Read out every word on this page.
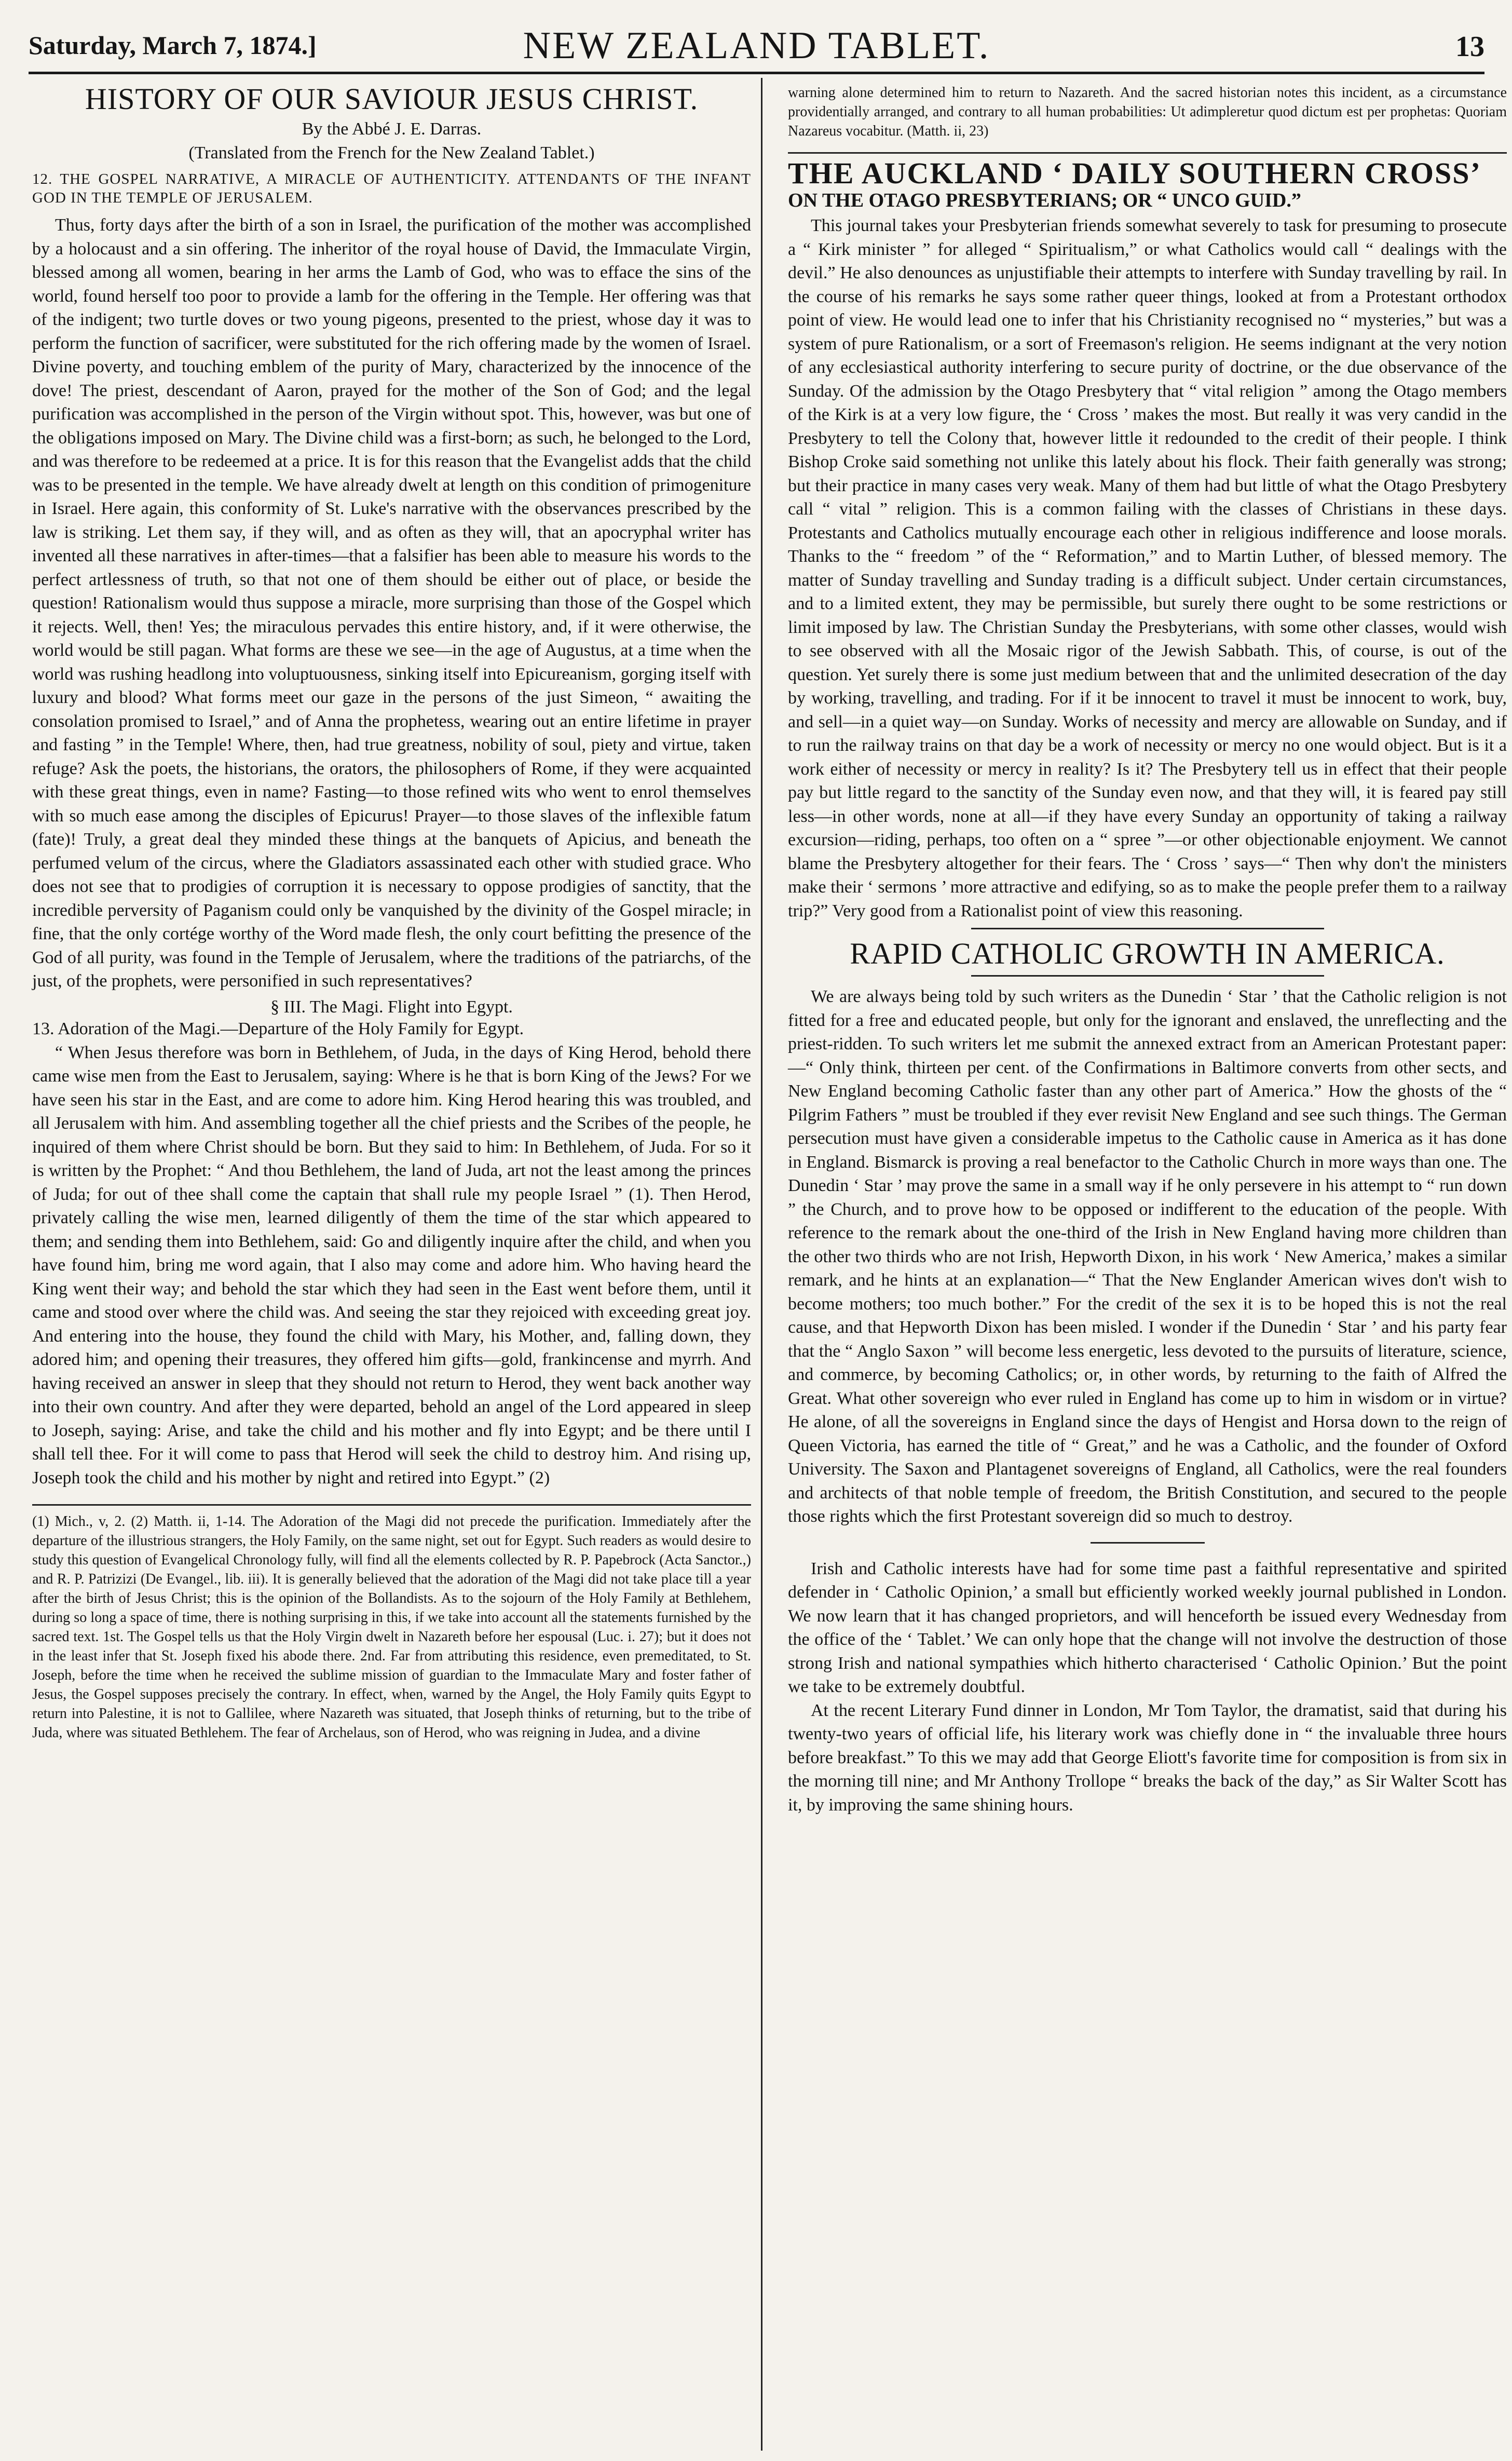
Saturday, March 7, 1874.]	NEW ZEALAND TABLET.	13
HISTORY OF OUR SAVIOUR JESUS CHRIST.
By the Abbé J. E. Darras.
(Translated from the French for the New Zealand Tablet.)
12. THE GOSPEL NARRATIVE, A MIRACLE OF AUTHENTICITY. ATTENDANTS OF THE INFANT GOD IN THE TEMPLE OF JERUSALEM.

Thus, forty days after the birth of a son in Israel, the purification of the mother was accomplished by a holocaust and a sin offering. The inheritor of the royal house of David, the Immaculate Virgin, blessed among all women, bearing in her arms the Lamb of God, who was to efface the sins of the world, found herself too poor to provide a lamb for the offering in the Temple. Her offering was that of the indigent; two turtle doves or two young pigeons, presented to the priest, whose day it was to perform the function of sacrificer, were substituted for the rich offering made by the women of Israel. Divine poverty, and touching emblem of the purity of Mary, characterized by the innocence of the dove! The priest, descendant of Aaron, prayed for the mother of the Son of God; and the legal purification was accomplished in the person of the Virgin without spot. This, however, was but one of the obligations imposed on Mary. The Divine child was a first-born; as such, he belonged to the Lord, and was therefore to be redeemed at a price. It is for this reason that the Evangelist adds that the child was to be presented in the temple. We have already dwelt at length on this condition of primogeniture in Israel. Here again, this conformity of St. Luke's narrative with the observances prescribed by the law is striking. Let them say, if they will, and as often as they will, that an apocryphal writer has invented all these narratives in after-times—that a falsifier has been able to measure his words to the perfect artlessness of truth, so that not one of them should be either out of place, or beside the question! Rationalism would thus suppose a miracle, more surprising than those of the Gospel which it rejects. Well, then! Yes; the miraculous pervades this entire history, and, if it were otherwise, the world would be still pagan. What forms are these we see—in the age of Augustus, at a time when the world was rushing headlong into voluptuousness, sinking itself into Epicureanism, gorging itself with luxury and blood? What forms meet our gaze in the persons of the just Simeon, “ awaiting the consolation promised to Israel,” and of Anna the prophetess, wearing out an entire lifetime in prayer and fasting ” in the Temple! Where, then, had true greatness, nobility of soul, piety and virtue, taken refuge? Ask the poets, the historians, the orators, the philosophers of Rome, if they were acquainted with these great things, even in name? Fasting—to those refined wits who went to enrol themselves with so much ease among the disciples of Epicurus! Prayer—to those slaves of the inflexible fatum (fate)! Truly, a great deal they minded these things at the banquets of Apicius, and beneath the perfumed velum of the circus, where the Gladiators assassinated each other with studied grace. Who does not see that to prodigies of corruption it is necessary to oppose prodigies of sanctity, that the incredible perversity of Paganism could only be vanquished by the divinity of the Gospel miracle; in fine, that the only cortége worthy of the Word made flesh, the only court befitting the presence of the God of all purity, was found in the Temple of Jerusalem, where the traditions of the patriarchs, of the just, of the prophets, were personified in such representatives?

§ III. The Magi. Flight into Egypt.
13. Adoration of the Magi.—Departure of the Holy Family for Egypt.

“ When Jesus therefore was born in Bethlehem, of Juda, in the days of King Herod, behold there came wise men from the East to Jerusalem, saying: Where is he that is born King of the Jews? For we have seen his star in the East, and are come to adore him. King Herod hearing this was troubled, and all Jerusalem with him. And assembling together all the chief priests and the Scribes of the people, he inquired of them where Christ should be born. But they said to him: In Bethlehem, of Juda. For so it is written by the Prophet: “ And thou Bethlehem, the land of Juda, art not the least among the princes of Juda; for out of thee shall come the captain that shall rule my people Israel ” (1). Then Herod, privately calling the wise men, learned diligently of them the time of the star which appeared to them; and sending them into Bethlehem, said: Go and diligently inquire after the child, and when you have found him, bring me word again, that I also may come and adore him. Who having heard the King went their way; and behold the star which they had seen in the East went before them, until it came and stood over where the child was. And seeing the star they rejoiced with exceeding great joy. And entering into the house, they found the child with Mary, his Mother, and, falling down, they adored him; and opening their treasures, they offered him gifts—gold, frankincense and myrrh. And having received an answer in sleep that they should not return to Herod, they went back another way into their own country. And after they were departed, behold an angel of the Lord appeared in sleep to Joseph, saying: Arise, and take the child and his mother and fly into Egypt; and be there until I shall tell thee. For it will come to pass that Herod will seek the child to destroy him. And rising up, Joseph took the child and his mother by night and retired into Egypt.” (2)

(1) Mich., v, 2. (2) Matth. ii, 1-14. The Adoration of the Magi did not precede the purification. Immediately after the departure of the illustrious strangers, the Holy Family, on the same night, set out for Egypt. Such readers as would desire to study this question of Evangelical Chronology fully, will find all the elements collected by R. P. Papebrock (Acta Sanctor.,) and R. P. Patrizizi (De Evangel., lib. iii). It is generally believed that the adoration of the Magi did not take place till a year after the birth of Jesus Christ; this is the opinion of the Bollandists. As to the sojourn of the Holy Family at Bethlehem, during so long a space of time, there is nothing surprising in this, if we take into account all the statements furnished by the sacred text. 1st. The Gospel tells us that the Holy Virgin dwelt in Nazareth before her espousal (Luc. i. 27); but it does not in the least infer that St. Joseph fixed his abode there. 2nd. Far from attributing this residence, even premeditated, to St. Joseph, before the time when he received the sublime mission of guardian to the Immaculate Mary and foster father of Jesus, the Gospel supposes precisely the contrary. In effect, when, warned by the Angel, the Holy Family quits Egypt to return into Palestine, it is not to Gallilee, where Nazareth was situated, that Joseph thinks of returning, but to the tribe of Juda, where was situated Bethlehem. The fear of Archelaus, son of Herod, who was reigning in Judea, and a divine
warning alone determined him to return to Nazareth. And the sacred historian notes this incident, as a circumstance providentially arranged, and contrary to all human probabilities: Ut adimpleretur quod dictum est per prophetas: Quoriam Nazareus vocabitur. (Matth. ii, 23)
THE AUCKLAND ‘ DAILY SOUTHERN CROSS’
ON THE OTAGO PRESBYTERIANS; OR “ UNCO GUID.”

This journal takes your Presbyterian friends somewhat severely to task for presuming to prosecute a “ Kirk minister ” for alleged “ Spiritualism,” or what Catholics would call “ dealings with the devil.” He also denounces as unjustifiable their attempts to interfere with Sunday travelling by rail. In the course of his remarks he says some rather queer things, looked at from a Protestant orthodox point of view. He would lead one to infer that his Christianity recognised no “ mysteries,” but was a system of pure Rationalism, or a sort of Freemason's religion. He seems indignant at the very notion of any ecclesiastical authority interfering to secure purity of doctrine, or the due observance of the Sunday. Of the admission by the Otago Presbytery that “ vital religion ” among the Otago members of the Kirk is at a very low figure, the ‘ Cross ’ makes the most. But really it was very candid in the Presbytery to tell the Colony that, however little it redounded to the credit of their people. I think Bishop Croke said something not unlike this lately about his flock. Their faith generally was strong; but their practice in many cases very weak. Many of them had but little of what the Otago Presbytery call “ vital ” religion. This is a common failing with the classes of Christians in these days. Protestants and Catholics mutually encourage each other in religious indifference and loose morals. Thanks to the “ freedom ” of the “ Reformation,” and to Martin Luther, of blessed memory. The matter of Sunday travelling and Sunday trading is a difficult subject. Under certain circumstances, and to a limited extent, they may be permissible, but surely there ought to be some restrictions or limit imposed by law. The Christian Sunday the Presbyterians, with some other classes, would wish to see observed with all the Mosaic rigor of the Jewish Sabbath. This, of course, is out of the question. Yet surely there is some just medium between that and the unlimited desecration of the day by working, travelling, and trading. For if it be innocent to travel it must be innocent to work, buy, and sell—in a quiet way—on Sunday. Works of necessity and mercy are allowable on Sunday, and if to run the railway trains on that day be a work of necessity or mercy no one would object. But is it a work either of necessity or mercy in reality? Is it? The Presbytery tell us in effect that their people pay but little regard to the sanctity of the Sunday even now, and that they will, it is feared pay still less—in other words, none at all—if they have every Sunday an opportunity of taking a railway excursion—riding, perhaps, too often on a “ spree ”—or other objectionable enjoyment. We cannot blame the Presbytery altogether for their fears. The ‘ Cross ’ says—“ Then why don't the ministers make their ‘ sermons ’ more attractive and edifying, so as to make the people prefer them to a railway trip?” Very good from a Rationalist point of view this reasoning.

RAPID CATHOLIC GROWTH IN AMERICA.

We are always being told by such writers as the Dunedin ‘ Star ’ that the Catholic religion is not fitted for a free and educated people, but only for the ignorant and enslaved, the unreflecting and the priest-ridden. To such writers let me submit the annexed extract from an American Protestant paper:—“ Only think, thirteen per cent. of the Confirmations in Baltimore converts from other sects, and New England becoming Catholic faster than any other part of America.” How the ghosts of the “ Pilgrim Fathers ” must be troubled if they ever revisit New England and see such things. The German persecution must have given a considerable impetus to the Catholic cause in America as it has done in England. Bismarck is proving a real benefactor to the Catholic Church in more ways than one. The Dunedin ‘ Star ’ may prove the same in a small way if he only persevere in his attempt to “ run down ” the Church, and to prove how to be opposed or indifferent to the education of the people. With reference to the remark about the one-third of the Irish in New England having more children than the other two thirds who are not Irish, Hepworth Dixon, in his work ‘ New America,’ makes a similar remark, and he hints at an explanation—“ That the New Englander American wives don't wish to become mothers; too much bother.” For the credit of the sex it is to be hoped this is not the real cause, and that Hepworth Dixon has been misled. I wonder if the Dunedin ‘ Star ’ and his party fear that the “ Anglo Saxon ” will become less energetic, less devoted to the pursuits of literature, science, and commerce, by becoming Catholics; or, in other words, by returning to the faith of Alfred the Great. What other sovereign who ever ruled in England has come up to him in wisdom or in virtue? He alone, of all the sovereigns in England since the days of Hengist and Horsa down to the reign of Queen Victoria, has earned the title of “ Great,” and he was a Catholic, and the founder of Oxford University. The Saxon and Plantagenet sovereigns of England, all Catholics, were the real founders and architects of that noble temple of freedom, the British Constitution, and secured to the people those rights which the first Protestant sovereign did so much to destroy.

Irish and Catholic interests have had for some time past a faithful representative and spirited defender in ‘ Catholic Opinion,’ a small but efficiently worked weekly journal published in London. We now learn that it has changed proprietors, and will henceforth be issued every Wednesday from the office of the ‘ Tablet.’ We can only hope that the change will not involve the destruction of those strong Irish and national sympathies which hitherto characterised ‘ Catholic Opinion.’ But the point we take to be extremely doubtful.

At the recent Literary Fund dinner in London, Mr Tom Taylor, the dramatist, said that during his twenty-two years of official life, his literary work was chiefly done in “ the invaluable three hours before breakfast.” To this we may add that George Eliott's favorite time for composition is from six in the morning till nine; and Mr Anthony Trollope “ breaks the back of the day,” as Sir Walter Scott has it, by improving the same shining hours.
